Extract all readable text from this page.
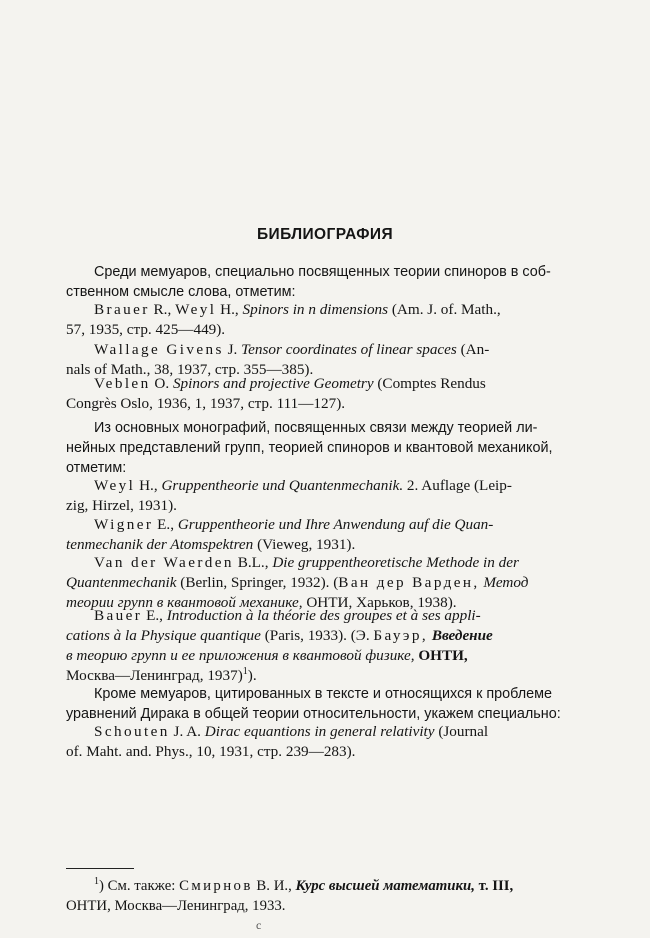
БИБЛИОГРАФИЯ
Среди мемуаров, специально посвященных теории спиноров в соб-
ственном смысле слова, отметим:
Brauer R., Weyl H., Spinors in n dimensions (Am. J. of. Math.,
57, 1935, стр. 425—449).
Wallage Givens J. Tensor coordinates of linear spaces (An-
nals of Math., 38, 1937, стр. 355—385).
Veblen O. Spinors and projective Geometry (Comptes Rendus
Congrès Oslo, 1936, 1, 1937, стр. 111—127).
Из основных монографий, посвященных связи между теорией ли-
нейных представлений групп, теорией спиноров и квантовой механикой,
отметим:
Weyl H., Gruppentheorie und Quantenmechanik. 2. Auflage (Leip-
zig, Hirzel, 1931).
Wigner E., Gruppentheorie und Ihre Anwendung auf die Quan-
tenmechanik der Atomspektren (Vieweg, 1931).
Van der Waerden B.L., Die gruppentheoretische Methode in der
Quantenmechanik (Berlin, Springer, 1932). (Ван дер Варден, Метод
теории групп в квантовой механике, ОНТИ, Харьков, 1938).
Bauer E., Introduction à la théorie des groupes et à ses appli-
cations à la Physique quantique (Paris, 1933). (Э. Бауэр, Введение
в теорию групп и ее приложения в квантовой физике, ОНТИ,
Москва—Ленинград, 1937)$^1$).
Кроме мемуаров, цитированных в тексте и относящихся к проблеме
уравнений Дирака в общей теории относительности, укажем специально:
Schouten J. A. Dirac equantions in general relativity (Journal
of. Maht. and. Phys., 10, 1931, стр. 239—283).
$^1$) См. также: Смирнов В. И., Курс высшей математики, т. III,
ОНТИ, Москва—Ленинград, 1933.
с
